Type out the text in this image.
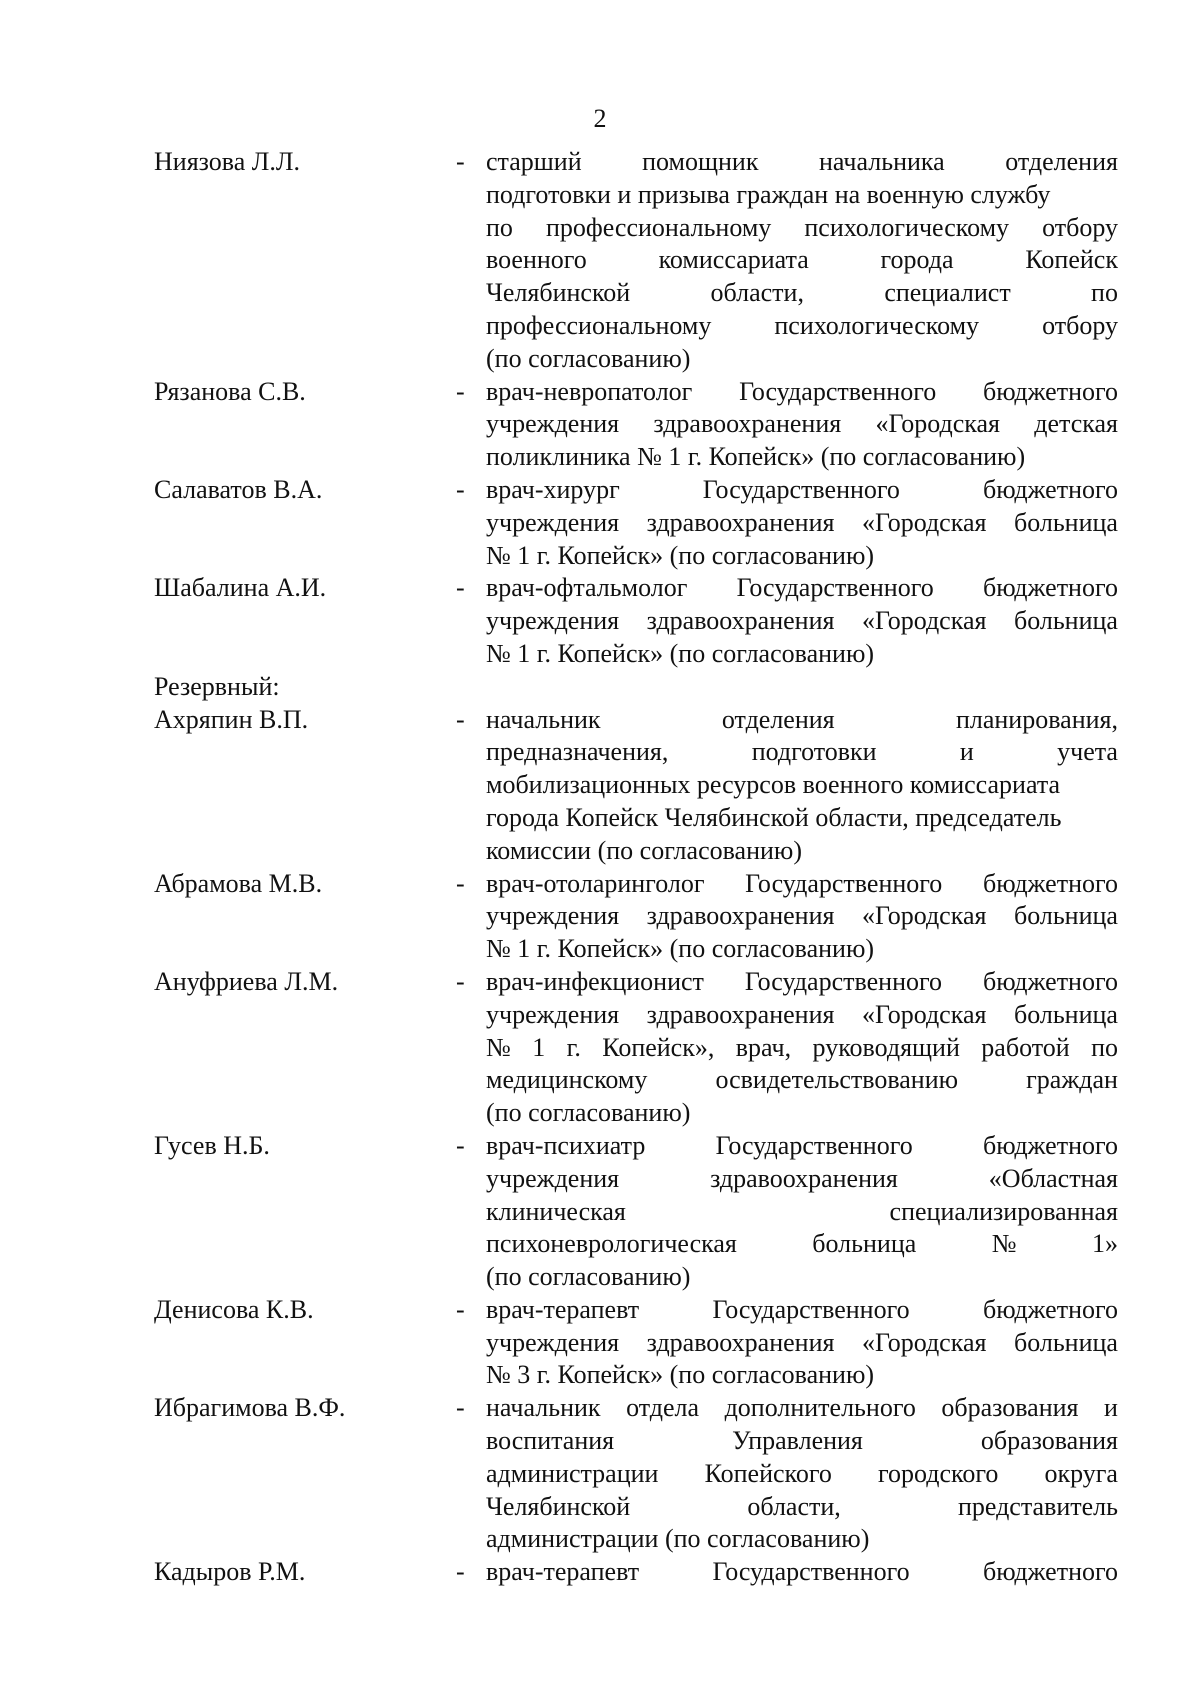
2
Ниязова Л.Л.	- старший помощник начальника отделения
подготовки и призыва граждан на военную службу
по профессиональному психологическому отбору
военного	комиссариата	города	Копейск
Челябинской	области,	специалист	по
профессиональному психологическому отбору
(по согласованию)
Рязанова С.В.	- врач-невропатолог Государственного бюджетного
учреждения здравоохранения «Городская детская
поликлиника № 1 г. Копейск» (по согласованию)
Салаватов В.А.	- врач-хирург	Государственного	бюджетного
учреждения здравоохранения «Городская больница
№ 1 г. Копейск» (по согласованию)
Шабалина А.И.	- врач-офтальмолог Государственного бюджетного
учреждения здравоохранения «Городская больница
№ 1 г. Копейск» (по согласованию)
Резервный:
Ахряпин В.П.	- начальник	отделения	планирования,
предназначения,	подготовки	и	учета
мобилизационных ресурсов военного комиссариата
города Копейск Челябинской области, председатель
комиссии (по согласованию)
Абрамова М.В.	- врач-отоларинголог Государственного бюджетного
учреждения здравоохранения «Городская больница
№ 1 г. Копейск» (по согласованию)
Ануфриева Л.М.	- врач-инфекционист Государственного бюджетного
учреждения здравоохранения «Городская больница
№ 1 г. Копейск», врач, руководящий работой по
медицинскому	освидетельствованию	граждан
(по согласованию)
Гусев Н.Б.	- врач-психиатр	Государственного	бюджетного
учреждения	здравоохранения	«Областная
клиническая	специализированная
психоневрологическая	больница	№	1»
(по согласованию)
Денисова К.В.	- врач-терапевт	Государственного	бюджетного
учреждения здравоохранения «Городская больница
№ 3 г. Копейск» (по согласованию)
Ибрагимова В.Ф.	- начальник отдела дополнительного образования и
воспитания	Управления	образования
администрации Копейского городского округа
Челябинской	области,	представитель
администрации (по согласованию)
Кадыров Р.М.	- врач-терапевт	Государственного	бюджетного
